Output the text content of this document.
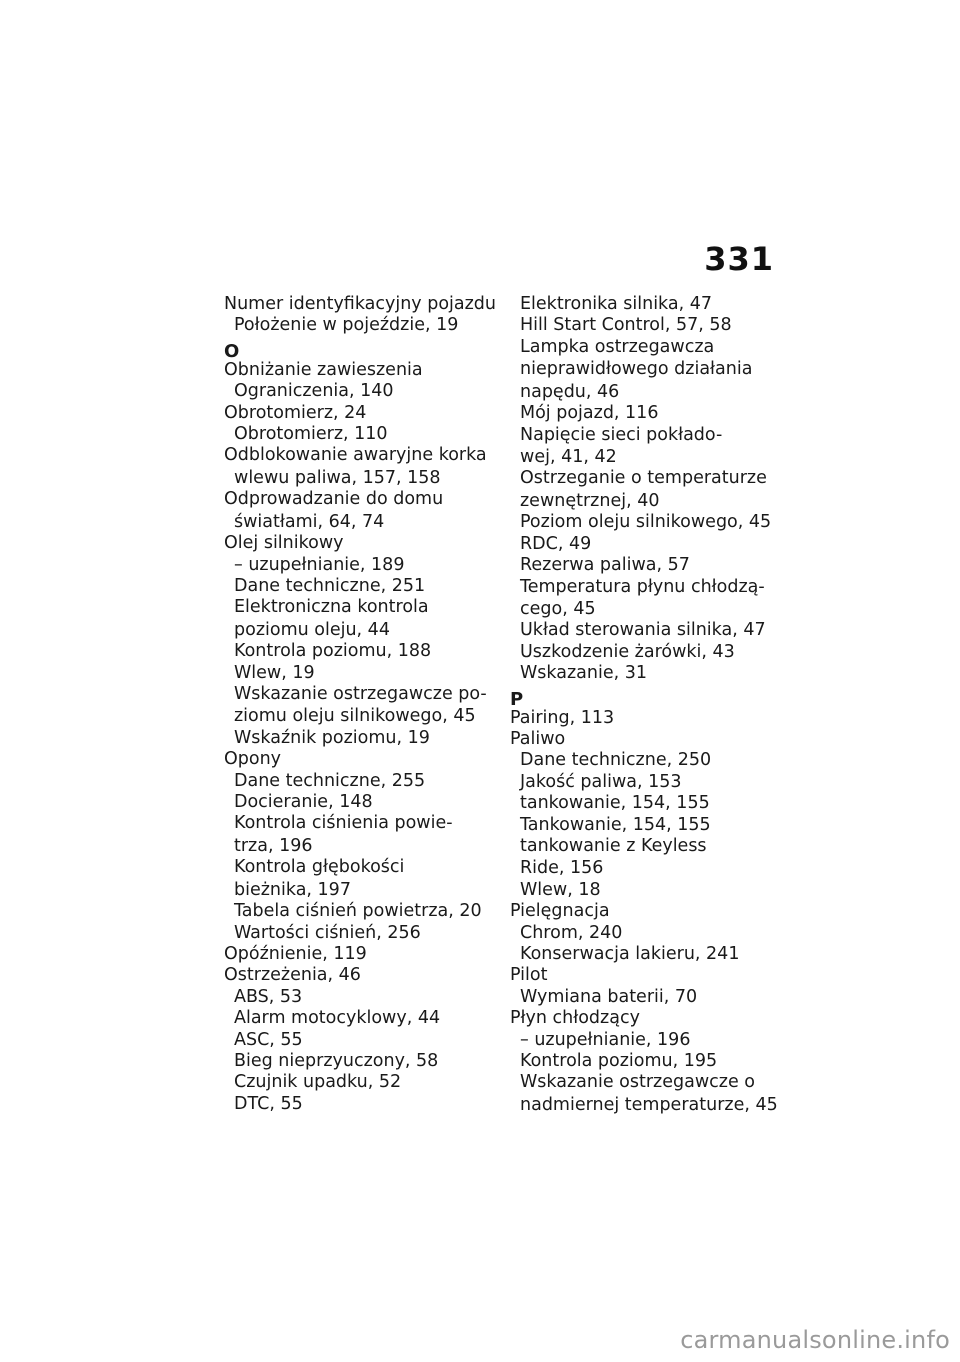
331
Numer identyfikacyjny pojazdu
Położenie w pojeździe, 19
O
Obniżanie zawieszenia
Ograniczenia, 140
Obrotomierz, 24
Obrotomierz, 110
Odblokowanie awaryjne korka
wlewu paliwa, 157, 158
Odprowadzanie do domu
światłami, 64, 74
Olej silnikowy
– uzupełnianie, 189
Dane techniczne, 251
Elektroniczna kontrola
poziomu oleju, 44
Kontrola poziomu, 188
Wlew, 19
Wskazanie ostrzegawcze po-
ziomu oleju silnikowego, 45
Wskaźnik poziomu, 19
Opony
Dane techniczne, 255
Docieranie, 148
Kontrola ciśnienia powie-
trza, 196
Kontrola głębokości
bieżnika, 197
Tabela ciśnień powietrza, 20
Wartości ciśnień, 256
Opóźnienie, 119
Ostrzeżenia, 46
ABS, 53
Alarm motocyklowy, 44
ASC, 55
Bieg nieprzyuczony, 58
Czujnik upadku, 52
DTC, 55
Elektronika silnika, 47
Hill Start Control, 57, 58
Lampka ostrzegawcza
nieprawidłowego działania
napędu, 46
Mój pojazd, 116
Napięcie sieci pokłado-
wej, 41, 42
Ostrzeganie o temperaturze
zewnętrznej, 40
Poziom oleju silnikowego, 45
RDC, 49
Rezerwa paliwa, 57
Temperatura płynu chłodzą-
cego, 45
Układ sterowania silnika, 47
Uszkodzenie żarówki, 43
Wskazanie, 31
P
Pairing, 113
Paliwo
Dane techniczne, 250
Jakość paliwa, 153
tankowanie, 154, 155
Tankowanie, 154, 155
tankowanie z Keyless
Ride, 156
Wlew, 18
Pielęgnacja
Chrom, 240
Konserwacja lakieru, 241
Pilot
Wymiana baterii, 70
Płyn chłodzący
– uzupełnianie, 196
Kontrola poziomu, 195
Wskazanie ostrzegawcze o
nadmiernej temperaturze, 45
carmanualsonline.info
